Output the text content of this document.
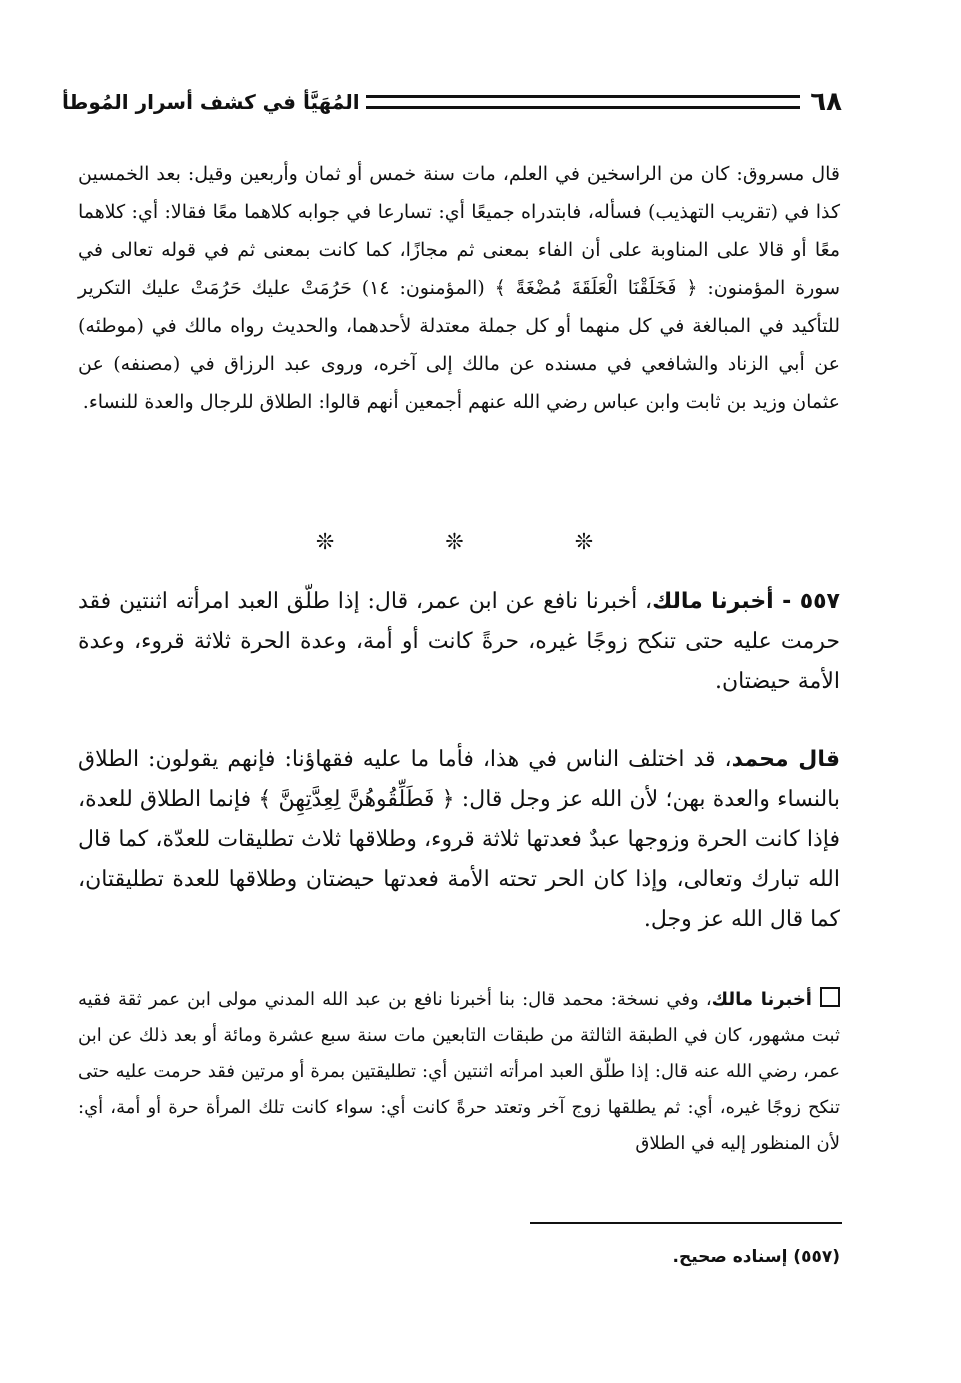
٦٨
المُهَيَّأ في كشف أسرار المُوطأ

قال مسروق: كان من الراسخين في العلم، مات سنة خمس أو ثمان وأربعين وقيل: بعد الخمسين كذا في (تقريب التهذيب) فسأله، فابتدراه جميعًا أي: تسارعا في جوابه كلاهما معًا فقالا: أي: كلاهما معًا أو قالا على المناوبة على أن الفاء بمعنى ثم مجازًا، كما كانت بمعنى ثم في قوله تعالى في سورة المؤمنون: ﴿ فَخَلَقْنَا الْعَلَقَةَ مُضْغَةً ﴾ (المؤمنون: ١٤) حَرُمَتْ عليك حَرُمَتْ عليك التكرير للتأكيد في المبالغة في كل منهما أو كل جملة معتدلة لأحدهما، والحديث رواه مالك في (موطئه) عن أبي الزناد والشافعي في مسنده عن مالك إلى آخره، وروى عبد الرزاق في (مصنفه) عن عثمان وزيد بن ثابت وابن عباس رضي الله عنهم أجمعين أنهم قالوا: الطلاق للرجال والعدة للنساء.

❊ ❊ ❊

٥٥٧ - أخبرنا مالك، أخبرنا نافع عن ابن عمر، قال: إذا طلّق العبد امرأته اثنتين فقد حرمت عليه حتى تنكح زوجًا غيره، حرةً كانت أو أمة، وعدة الحرة ثلاثة قروء، وعدة الأمة حيضتان.

قال محمد، قد اختلف الناس في هذا، فأما ما عليه فقهاؤنا: فإنهم يقولون: الطلاق بالنساء والعدة بهن؛ لأن الله عز وجل قال: ﴿ فَطَلِّقُوهُنَّ لِعِدَّتِهِنَّ ﴾ فإنما الطلاق للعدة، فإذا كانت الحرة وزوجها عبدٌ فعدتها ثلاثة قروء، وطلاقها ثلاث تطليقات للعدّة، كما قال الله تبارك وتعالى، وإذا كان الحر تحته الأمة فعدتها حيضتان وطلاقها للعدة تطليقتان، كما قال الله عز وجل.

أخبرنا مالك، وفي نسخة: محمد قال: بنا أخبرنا نافع بن عبد الله المدني مولى ابن عمر ثقة فقيه ثبت مشهور، كان في الطبقة الثالثة من طبقات التابعين مات سنة سبع عشرة ومائة أو بعد ذلك عن ابن عمر، رضي الله عنه قال: إذا طلّق العبد امرأته اثنتين أي: تطليقتين بمرة أو مرتين فقد حرمت عليه حتى تنكح زوجًا غيره، أي: ثم يطلقها زوج آخر وتعتد حرةً كانت أي: سواء كانت تلك المرأة حرة أو أمة، أي: لأن المنظور إليه في الطلاق

(٥٥٧) إسناده صحيح.
